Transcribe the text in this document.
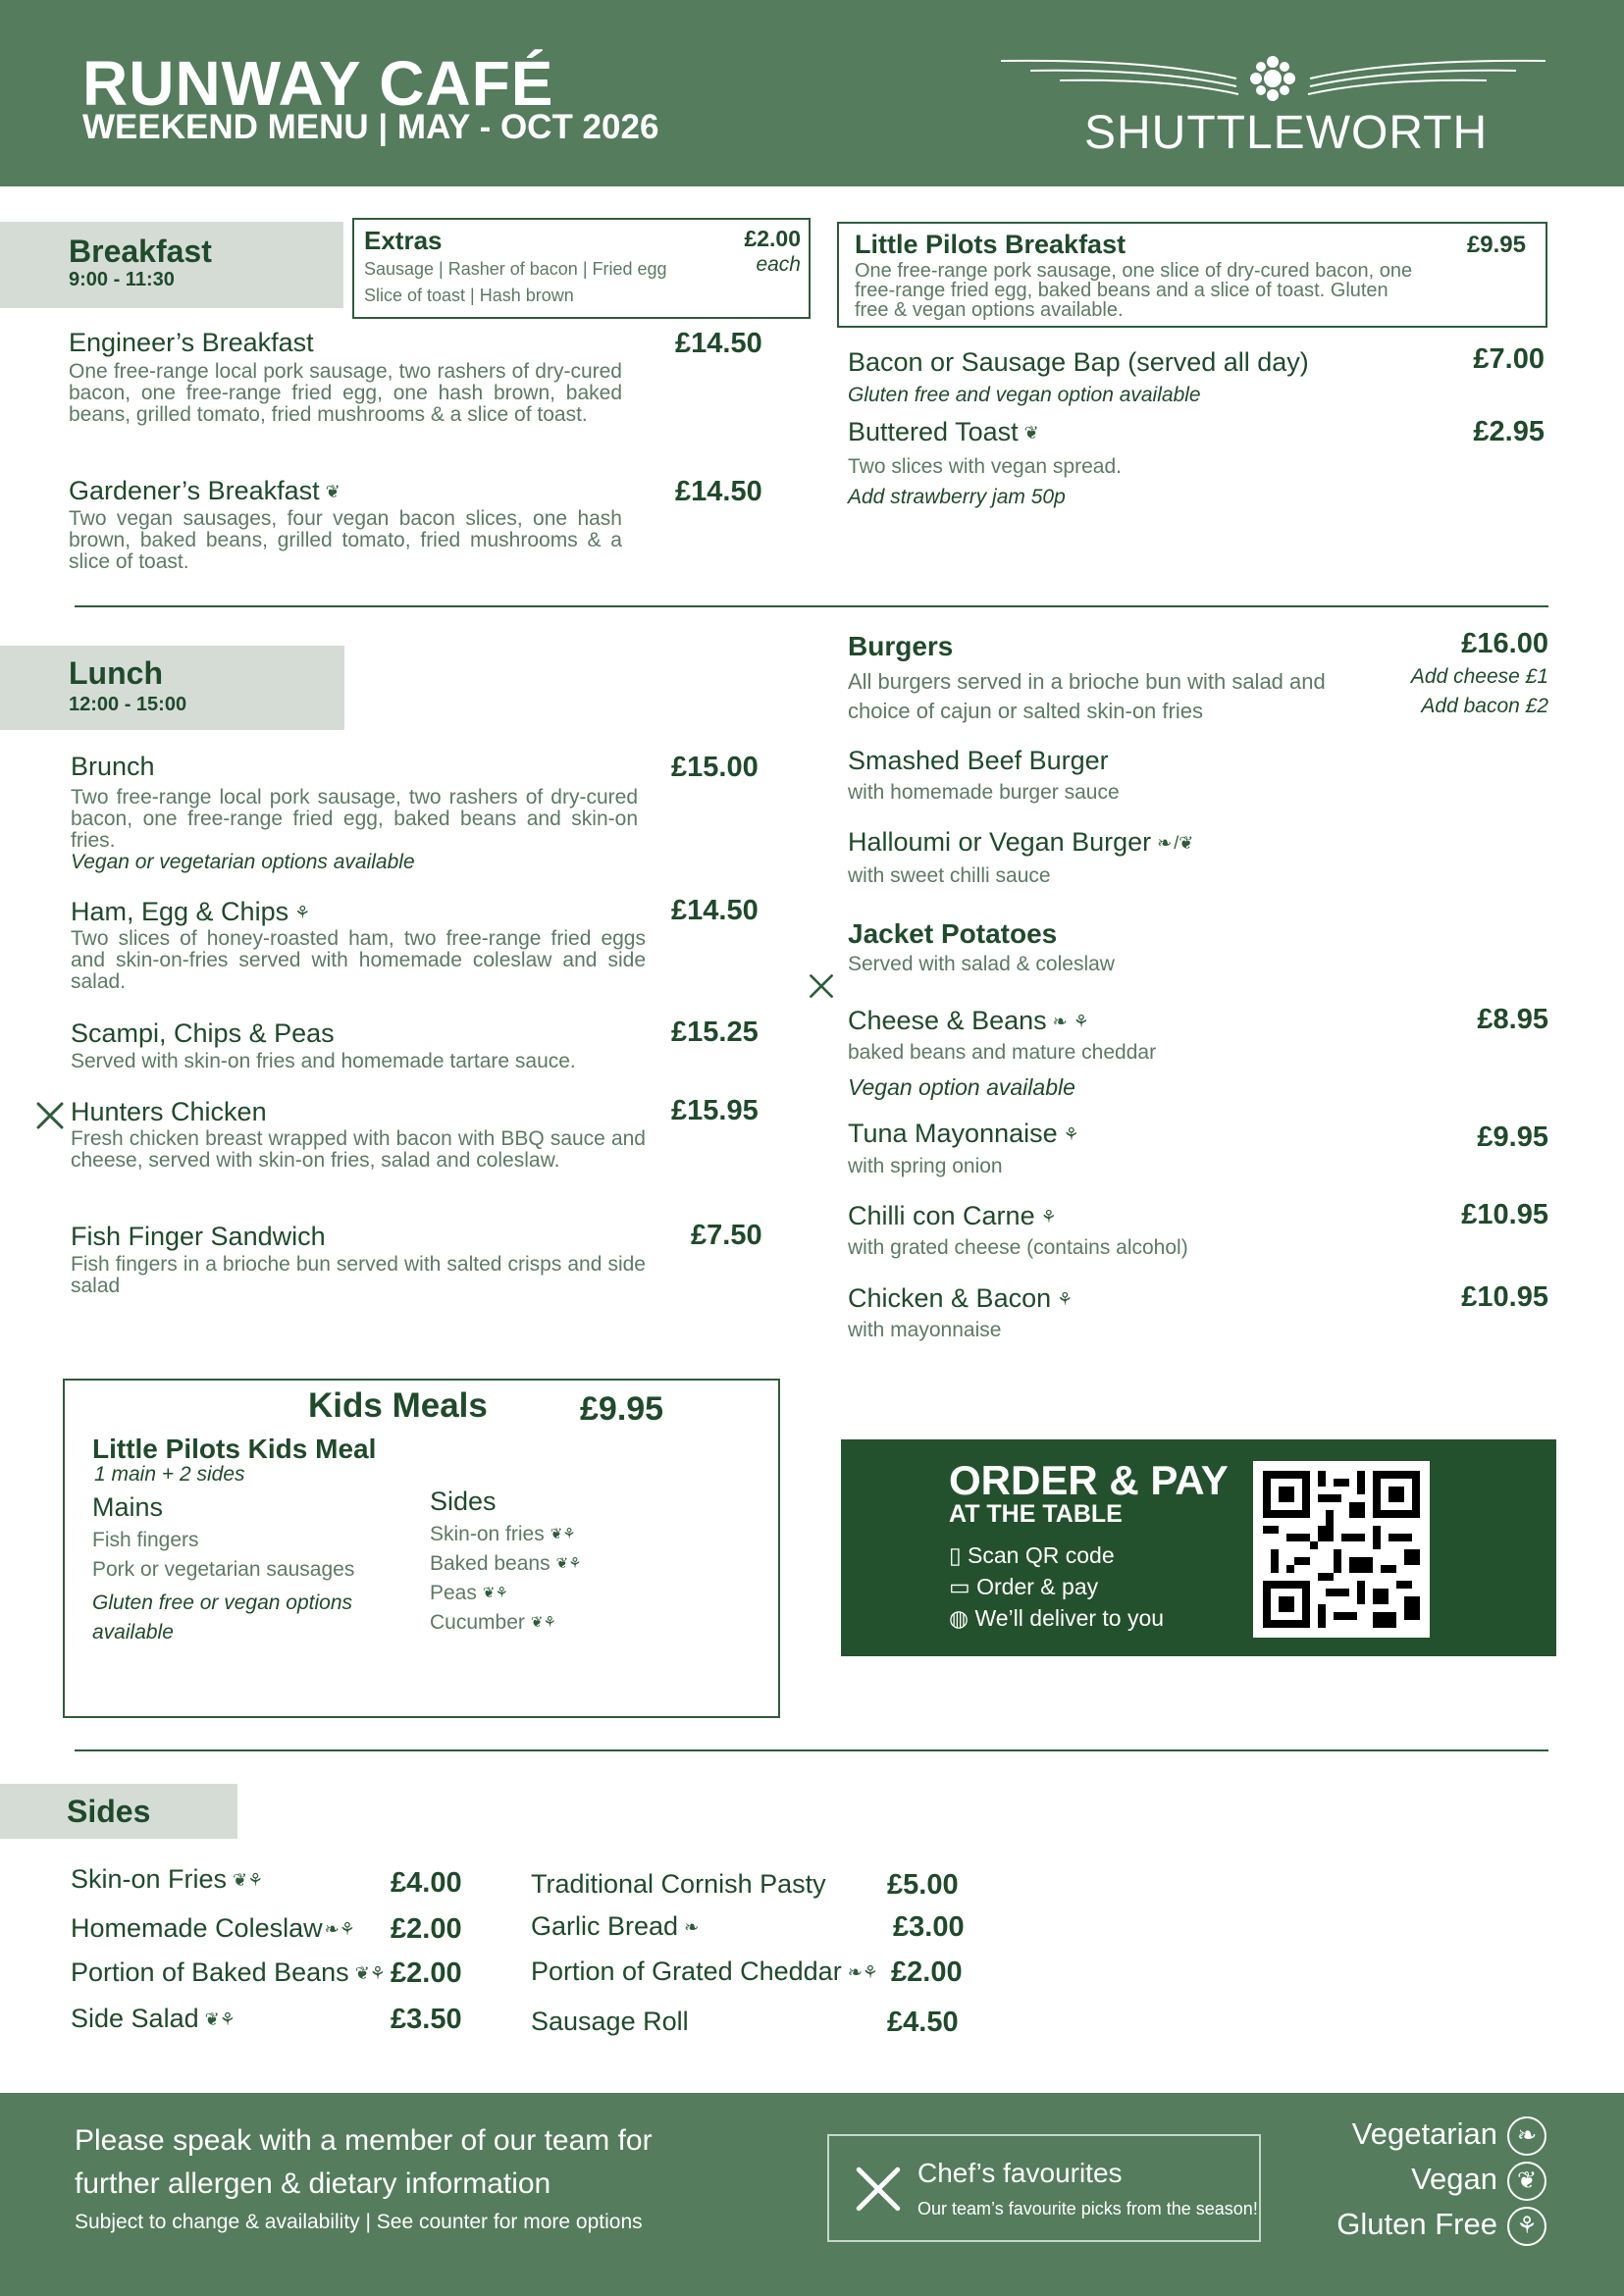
RUNWAY CAFÉ
WEEKEND MENU | MAY - OCT 2026	SHUTTLEWORTH
Breakfast
9:00 - 11:30
Extras
Sausage | Rasher of bacon | Fried egg
Slice of toast | Hash brown
£2.00
each
Little Pilots Breakfast	£9.95
One free-range pork sausage, one slice of dry-cured bacon, one free-range fried egg, baked beans and a slice of toast. Gluten free & vegan options available.
Engineer’s Breakfast	£14.50
One free-range local pork sausage, two rashers of dry-cured bacon, one free-range fried egg, one hash brown, baked beans, grilled tomato, fried mushrooms & a slice of toast.
Gardener’s Breakfast ❦	£14.50
Two vegan sausages, four vegan bacon slices, one hash brown, baked beans, grilled tomato, fried mushrooms & a slice of toast.
Bacon or Sausage Bap (served all day)	£7.00
Gluten free and vegan option available
Buttered Toast ❦	£2.95
Two slices with vegan spread.
Add strawberry jam 50p
Lunch
12:00 - 15:00
Brunch	£15.00
Two free-range local pork sausage, two rashers of dry-cured bacon, one free-range fried egg, baked beans and skin-on fries.
Vegan or vegetarian options available
Ham, Egg & Chips ⚘	£14.50
Two slices of honey-roasted ham, two free-range fried eggs and skin-on-fries served with homemade coleslaw and side salad.
Scampi, Chips & Peas	£15.25
Served with skin-on fries and homemade tartare sauce.
Hunters Chicken	£15.95
Fresh chicken breast wrapped with bacon with BBQ sauce and cheese, served with skin-on fries, salad and coleslaw.
Fish Finger Sandwich	£7.50
Fish fingers in a brioche bun served with salted crisps and side salad
Burgers	£16.00
All burgers served in a brioche bun with salad and choice of cajun or salted skin-on fries
Add cheese £1
Add bacon £2
Smashed Beef Burger
with homemade burger sauce
Halloumi or Vegan Burger ❧ /❦
with sweet chilli sauce
Jacket Potatoes
Served with salad & coleslaw
Cheese & Beans ❧ ⚘	£8.95
baked beans and mature cheddar
Vegan option available
Tuna Mayonnaise ⚘	£9.95
with spring onion
Chilli con Carne ⚘	£10.95
with grated cheese (contains alcohol)
Chicken & Bacon ⚘	£10.95
with mayonnaise
Kids Meals	£9.95
Little Pilots Kids Meal
1 main + 2 sides
Mains
Fish fingers
Pork or vegetarian sausages
Gluten free or vegan options available
Sides
Skin-on fries ❦⚘
Baked beans ❦⚘
Peas ❦⚘
Cucumber ❦⚘
ORDER & PAY
AT THE TABLE
▯ Scan QR code
▭ Order & pay
◍ We’ll deliver to you
Sides
Skin-on Fries ❦⚘	£4.00
Homemade Coleslaw ❧⚘ £2.00
Portion of Baked Beans ❦⚘ £2.00
Side Salad ❦⚘	£3.50
Traditional Cornish Pasty £5.00
Garlic Bread ❧	£3.00
Portion of Grated Cheddar ❧⚘ £2.00
Sausage Roll	£4.50
Please speak with a member of our team for
further allergen & dietary information
Subject to change & availability | See counter for more options
Chef’s favourites
Our team’s favourite picks from the season!
Vegetarian
Vegan
Gluten Free
❧
❦
⚘
